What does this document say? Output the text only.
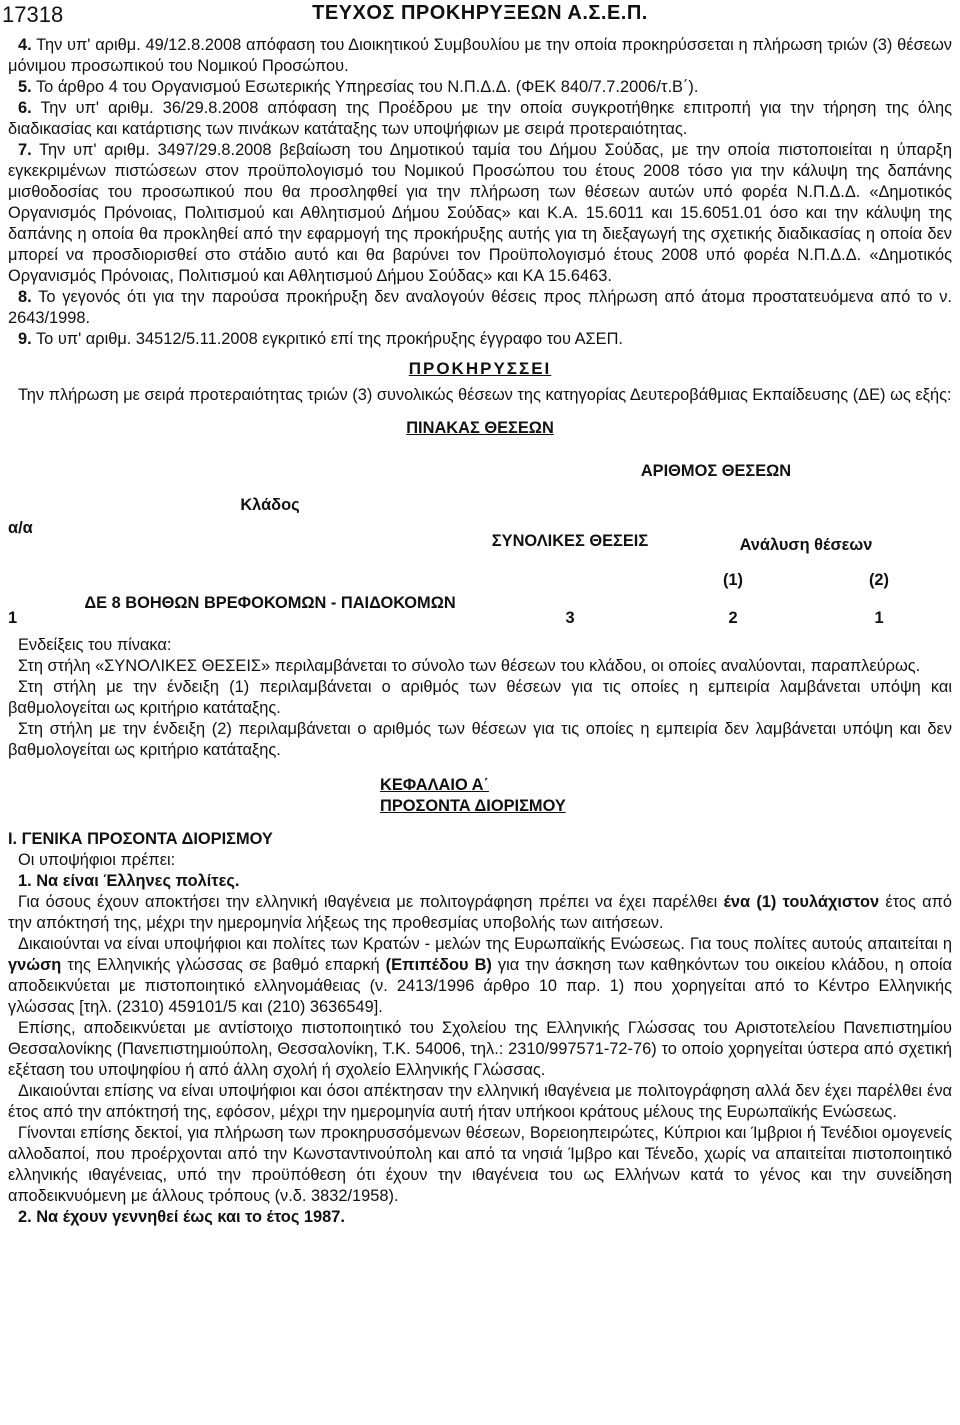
17318	ΤΕΥΧΟΣ ΠΡΟΚΗΡΥΞΕΩΝ Α.Σ.Ε.Π.

4. Την υπ' αριθμ. 49/12.8.2008 απόφαση του Διοικητικού Συμβουλίου με την οποία προκηρύσσεται η πλήρωση τριών (3) θέσεων μόνιμου προσωπικού του Νομικού Προσώπου.

5. Το άρθρο 4 του Οργανισμού Εσωτερικής Υπηρεσίας του Ν.Π.Δ.Δ. (ΦΕΚ 840/7.7.2006/τ.Β΄).

6. Την υπ' αριθμ. 36/29.8.2008 απόφαση της Προέδρου με την οποία συγκροτήθηκε επιτροπή για την τήρηση της όλης διαδικασίας και κατάρτισης των πινάκων κατάταξης των υποψήφιων με σειρά προτεραιότητας.

7. Την υπ' αριθμ. 3497/29.8.2008 βεβαίωση του Δημοτικού ταμία του Δήμου Σούδας, με την οποία πιστοποιείται η ύπαρξη εγκεκριμένων πιστώσεων στον προϋπολογισμό του Νομικού Προσώπου του έτους 2008 τόσο για την κάλυψη της δαπάνης μισθοδοσίας του προσωπικού που θα προσληφθεί για την πλήρωση των θέσεων αυτών υπό φορέα Ν.Π.Δ.Δ. «Δημοτικός Οργανισμός Πρόνοιας, Πολιτισμού και Αθλητισμού Δήμου Σούδας» και Κ.Α. 15.6011 και 15.6051.01 όσο και την κάλυψη της δαπάνης η οποία θα προκληθεί από την εφαρμογή της προκήρυξης αυτής για τη διεξαγωγή της σχετικής διαδικασίας η οποία δεν μπορεί να προσδιορισθεί στο στάδιο αυτό και θα βαρύνει τον Προϋπολογισμό έτους 2008 υπό φορέα Ν.Π.Δ.Δ. «Δημοτικός Οργανισμός Πρόνοιας, Πολιτισμού και Αθλητισμού Δήμου Σούδας» και ΚΑ 15.6463.

8. Το γεγονός ότι για την παρούσα προκήρυξη δεν αναλογούν θέσεις προς πλήρωση από άτομα προστατευόμενα από το ν. 2643/1998.

9. Το υπ' αριθμ. 34512/5.11.2008 εγκριτικό επί της προκήρυξης έγγραφο του ΑΣΕΠ.

ΠΡΟΚΗΡΥΣΣΕΙ

Την πλήρωση με σειρά προτεραιότητας τριών (3) συνολικώς θέσεων της κατηγορίας Δευτεροβάθμιας Εκπαίδευσης (ΔΕ) ως εξής:

ΠΙΝΑΚΑΣ ΘΕΣΕΩΝ

		ΑΡΙΘΜΟΣ ΘΕΣΕΩΝ		
α/α	Κλάδος	ΣΥΝΟΛΙΚΕΣ ΘΕΣΕΙΣ		
			Ανάλυση θέσεων	
			(1)	(2)
1	ΔΕ 8 ΒΟΗΘΩΝ ΒΡΕΦΟΚΟΜΩΝ - ΠΑΙΔΟΚΟΜΩΝ	3	2	1

Ενδείξεις του πίνακα:

Στη στήλη «ΣΥΝΟΛΙΚΕΣ ΘΕΣΕΙΣ» περιλαμβάνεται το σύνολο των θέσεων του κλάδου, οι οποίες αναλύονται, παραπλεύρως.

Στη στήλη με την ένδειξη (1) περιλαμβάνεται ο αριθμός των θέσεων για τις οποίες η εμπειρία λαμβάνεται υπόψη και βαθμολογείται ως κριτήριο κατάταξης.

Στη στήλη με την ένδειξη (2) περιλαμβάνεται ο αριθμός των θέσεων για τις οποίες η εμπειρία δεν λαμβάνεται υπόψη και δεν βαθμολογείται ως κριτήριο κατάταξης.

ΚΕΦΑΛΑΙΟ Α΄
ΠΡΟΣΟΝΤΑ ΔΙΟΡΙΣΜΟΥ

Ι. ΓΕΝΙΚΑ ΠΡΟΣΟΝΤΑ ΔΙΟΡΙΣΜΟΥ

Οι υποψήφιοι πρέπει:

1. Να είναι Έλληνες πολίτες.

Για όσους έχουν αποκτήσει την ελληνική ιθαγένεια με πολιτογράφηση πρέπει να έχει παρέλθει ένα (1) τουλάχιστον έτος από την απόκτησή της, μέχρι την ημερομηνία λήξεως της προθεσμίας υποβολής των αιτήσεων.

Δικαιούνται να είναι υποψήφιοι και πολίτες των Κρατών - μελών της Ευρωπαϊκής Ενώσεως. Για τους πολίτες αυτούς απαιτείται η γνώση της Ελληνικής γλώσσας σε βαθμό επαρκή (Επιπέδου Β) για την άσκηση των καθηκόντων του οικείου κλάδου, η οποία αποδεικνύεται με πιστοποιητικό ελληνομάθειας (ν. 2413/1996 άρθρο 10 παρ. 1) που χορηγείται από το Κέντρο Ελληνικής γλώσσας [τηλ. (2310) 459101/5 και (210) 3636549].

Επίσης, αποδεικνύεται με αντίστοιχο πιστοποιητικό του Σχολείου της Ελληνικής Γλώσσας του Αριστοτελείου Πανεπιστημίου Θεσσαλονίκης (Πανεπιστημιούπολη, Θεσσαλονίκη, Τ.Κ. 54006, τηλ.: 2310/997571-72-76) το οποίο χορηγείται ύστερα από σχετική εξέταση του υποψηφίου ή από άλλη σχολή ή σχολείο Ελληνικής Γλώσσας.

Δικαιούνται επίσης να είναι υποψήφιοι και όσοι απέκτησαν την ελληνική ιθαγένεια με πολιτογράφηση αλλά δεν έχει παρέλθει ένα έτος από την απόκτησή της, εφόσον, μέχρι την ημερομηνία αυτή ήταν υπήκοοι κράτους μέλους της Ευρωπαϊκής Ενώσεως.

Γίνονται επίσης δεκτοί, για πλήρωση των προκηρυσσόμενων θέσεων, Βορειοηπειρώτες, Κύπριοι και Ίμβριοι ή Τενέδιοι ομογενείς αλλοδαποί, που προέρχονται από την Κωνσταντινούπολη και από τα νησιά Ίμβρο και Τένεδο, χωρίς να απαιτείται πιστοποιητικό ελληνικής ιθαγένειας, υπό την προϋπόθεση ότι έχουν την ιθαγένεια του ως Ελλήνων κατά το γένος και την συνείδηση αποδεικνυόμενη με άλλους τρόπους (ν.δ. 3832/1958).

2. Να έχουν γεννηθεί έως και το έτος 1987.
